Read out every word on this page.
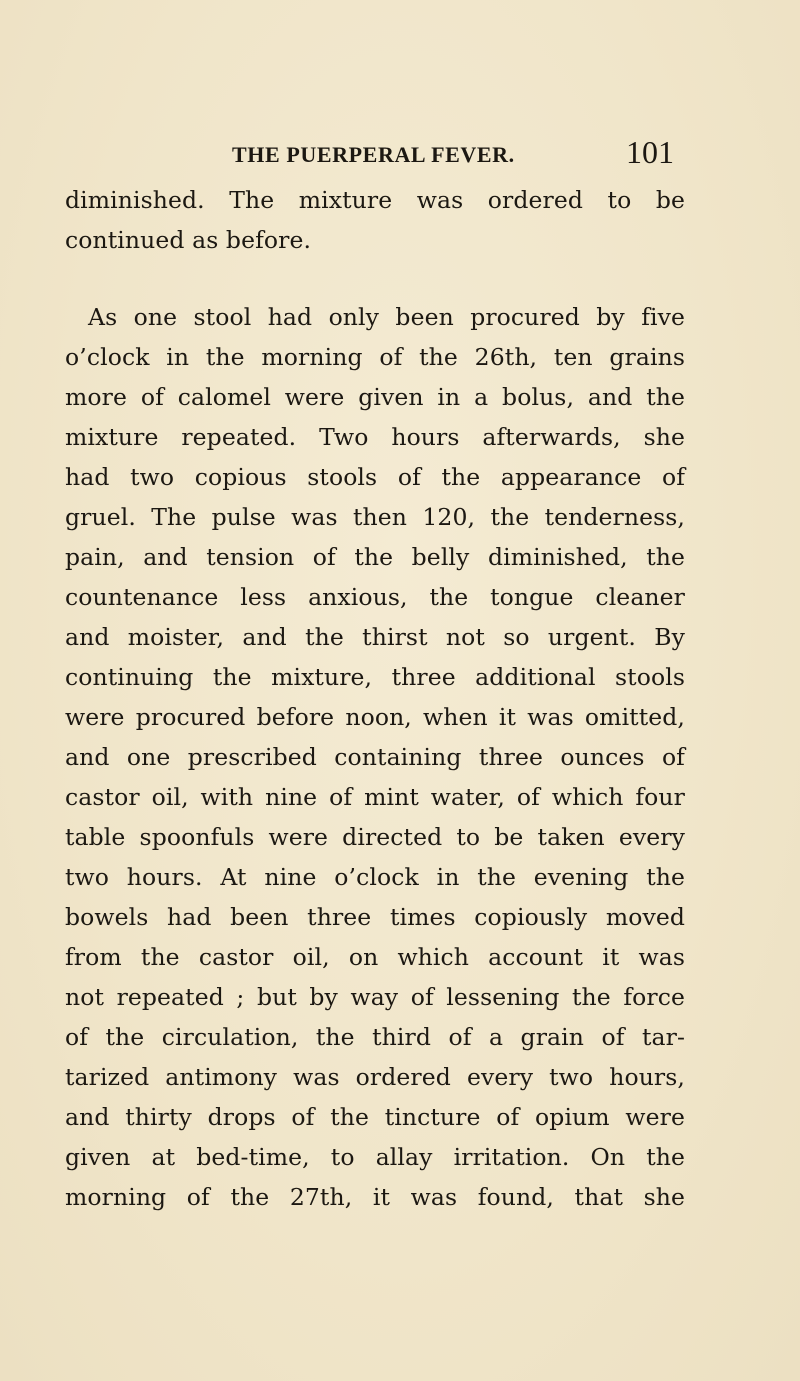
THE PUERPERAL FEVER.	101
diminished. The mixture was ordered to be
continued as before.
As one stool had only been procured by five
o’clock in the morning of the 26th, ten grains
more of calomel were given in a bolus, and the
mixture repeated. Two hours afterwards, she
had two copious stools of the appearance of
gruel. The pulse was then 120, the tenderness,
pain, and tension of the belly diminished, the
countenance less anxious, the tongue cleaner
and moister, and the thirst not so urgent. By
continuing the mixture, three additional stools
were procured before noon, when it was omitted,
and one prescribed containing three ounces of
castor oil, with nine of mint water, of which four
table spoonfuls were directed to be taken every
two hours. At nine o’clock in the evening the
bowels had been three times copiously moved
from the castor oil, on which account it was
not repeated ; but by way of lessening the force
of the circulation, the third of a grain of tar-
tarized antimony was ordered every two hours,
and thirty drops of the tincture of opium were
given at bed-time, to allay irritation. On the
morning of the 27th, it was found, that she
